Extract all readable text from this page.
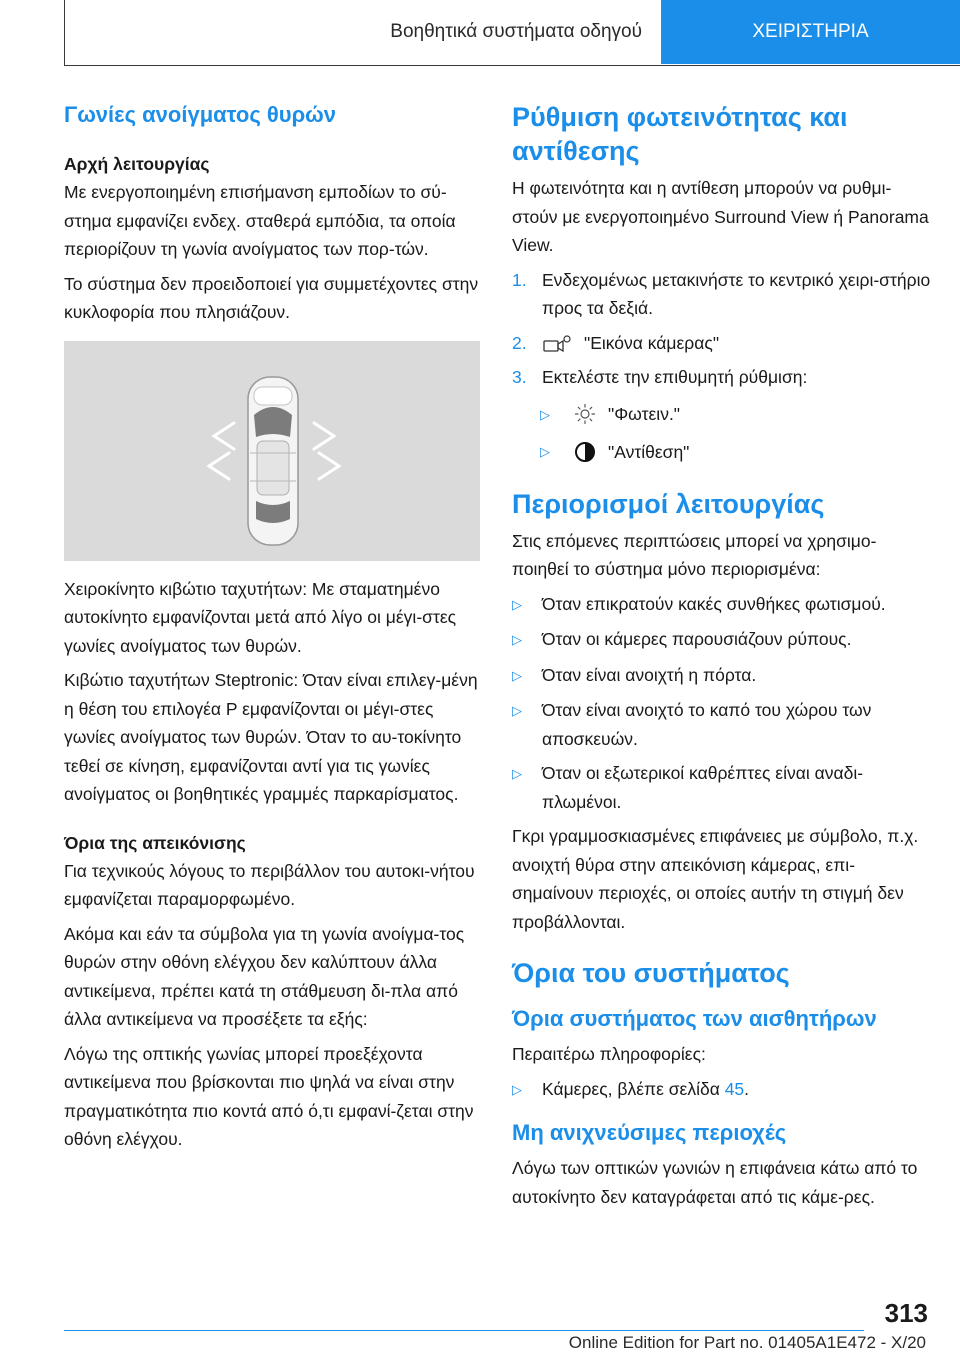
Βοηθητικά συστήματα οδηγού	ΧΕΙΡΙΣΤΗΡΙΑ
Γωνίες ανοίγματος θυρών
Αρχή λειτουργίας
Με ενεργοποιημένη επισήμανση εμποδίων το σύ-στημα εμφανίζει ενδεχ. σταθερά εμπόδια, τα οποία περιορίζουν τη γωνία ανοίγματος των πορ-τών.
Το σύστημα δεν προειδοποιεί για συμμετέχοντες στην κυκλοφορία που πλησιάζουν.
Χειροκίνητο κιβώτιο ταχυτήτων: Με σταματημένο αυτοκίνητο εμφανίζονται μετά από λίγο οι μέγι-στες γωνίες ανοίγματος των θυρών.
Κιβώτιο ταχυτήτων Steptronic: Όταν είναι επιλεγ-μένη η θέση του επιλογέα P εμφανίζονται οι μέγι-στες γωνίες ανοίγματος των θυρών. Όταν το αυ-τοκίνητο τεθεί σε κίνηση, εμφανίζονται αντί για τις γωνίες ανοίγματος οι βοηθητικές γραμμές παρκαρίσματος.
Όρια της απεικόνισης
Για τεχνικούς λόγους το περιβάλλον του αυτοκι-νήτου εμφανίζεται παραμορφωμένο.
Ακόμα και εάν τα σύμβολα για τη γωνία ανοίγμα-τος θυρών στην οθόνη ελέγχου δεν καλύπτουν άλλα αντικείμενα, πρέπει κατά τη στάθμευση δι-πλα από άλλα αντικείμενα να προσέξετε τα εξής:
Λόγω της οπτικής γωνίας μπορεί προεξέχοντα αντικείμενα που βρίσκονται πιο ψηλά να είναι στην πραγματικότητα πιο κοντά από ό,τι εμφανί-ζεται στην οθόνη ελέγχου.
Ρύθμιση φωτεινότητας και αντίθεσης
Η φωτεινότητα και η αντίθεση μπορούν να ρυθμι-στούν με ενεργοποιημένο Surround View ή Panorama View.
1. Ενδεχομένως μετακινήστε το κεντρικό χειρι-στήριο προς τα δεξιά.
2.	"Εικόνα κάμερας"
3. Εκτελέστε την επιθυμητή ρύθμιση:
▷	"Φωτειν."
▷	"Αντίθεση"
Περιορισμοί λειτουργίας
Στις επόμενες περιπτώσεις μπορεί να χρησιμο-ποιηθεί το σύστημα μόνο περιορισμένα:
▷	Όταν επικρατούν κακές συνθήκες φωτισμού.
▷	Όταν οι κάμερες παρουσιάζουν ρύπους.
▷	Όταν είναι ανοιχτή η πόρτα.
▷	Όταν είναι ανοιχτό το καπό του χώρου των αποσκευών.
▷	Όταν οι εξωτερικοί καθρέπτες είναι αναδι-πλωμένοι.
Γκρι γραμμοσκιασμένες επιφάνειες με σύμβολο, π.χ. ανοιχτή θύρα στην απεικόνιση κάμερας, επι-σημαίνουν περιοχές, οι οποίες αυτήν τη στιγμή δεν προβάλλονται.
Όρια του συστήματος
Όρια συστήματος των αισθητήρων
Περαιτέρω πληροφορίες:
▷	Κάμερες, βλέπε σελίδα 45.
Μη ανιχνεύσιμες περιοχές
Λόγω των οπτικών γωνιών η επιφάνεια κάτω από το αυτοκίνητο δεν καταγράφεται από τις κάμε-ρες.
313
Online Edition for Part no. 01405A1E472 - X/20
